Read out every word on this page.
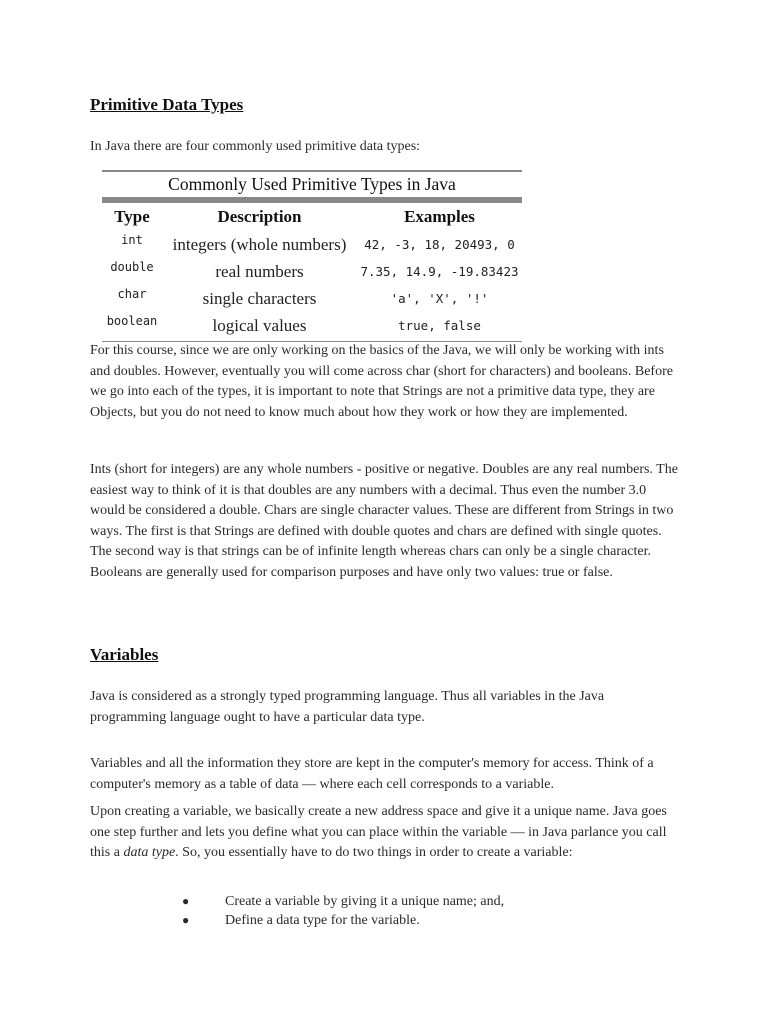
Primitive Data Types

In Java there are four commonly used primitive data types:

Commonly Used Primitive Types in Java
Type	Description	Examples
int	integers (whole numbers)	42, -3, 18, 20493, 0
double	real numbers	7.35, 14.9, -19.83423
char	single characters	'a', 'X', '!'
boolean	logical values	true, false

For this course, since we are only working on the basics of the Java, we will only be working with ints and doubles. However, eventually you will come across char (short for characters) and booleans. Before we go into each of the types, it is important to note that Strings are not a primitive data type, they are Objects, but you do not need to know much about how they work or how they are implemented.

Ints (short for integers) are any whole numbers - positive or negative. Doubles are any real numbers. The easiest way to think of it is that doubles are any numbers with a decimal. Thus even the number 3.0 would be considered a double. Chars are single character values. These are different from Strings in two ways. The first is that Strings are defined with double quotes and chars are defined with single quotes. The second way is that strings can be of infinite length whereas chars can only be a single character. Booleans are generally used for comparison purposes and have only two values: true or false.

Variables

Java is considered as a strongly typed programming language. Thus all variables in the Java programming language ought to have a particular data type.

Variables and all the information they store are kept in the computer's memory for access. Think of a computer's memory as a table of data — where each cell corresponds to a variable.

Upon creating a variable, we basically create a new address space and give it a unique name. Java goes one step further and lets you define what you can place within the variable — in Java parlance you call this a data type. So, you essentially have to do two things in order to create a variable:

●	Create a variable by giving it a unique name; and,
●	Define a data type for the variable.
